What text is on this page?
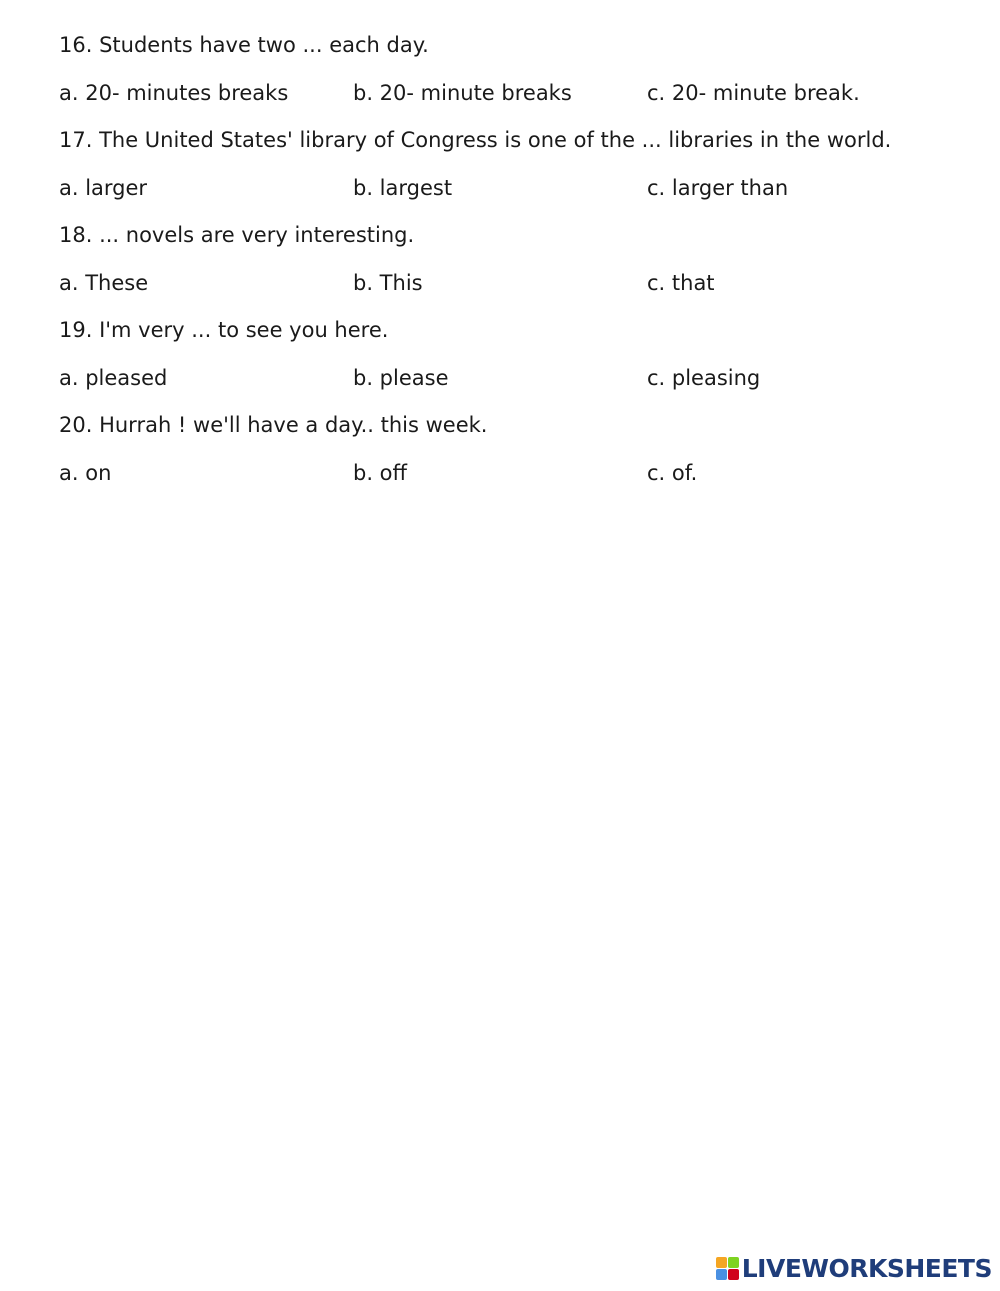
16. Students have two ... each day.

a. 20- minutes breaks	b. 20- minute breaks	c. 20- minute break.

17. The United States' library of Congress is one of the ... libraries in the world.

a. larger	b. largest	c. larger than

18. ... novels are very interesting.

a. These	b. This	c. that

19. I'm very ... to see you here.

a. pleased	b. please	c. pleasing

20. Hurrah ! we'll have a day.. this week.

a. on	b. off	c. of.
LIVEWORKSHEETS
